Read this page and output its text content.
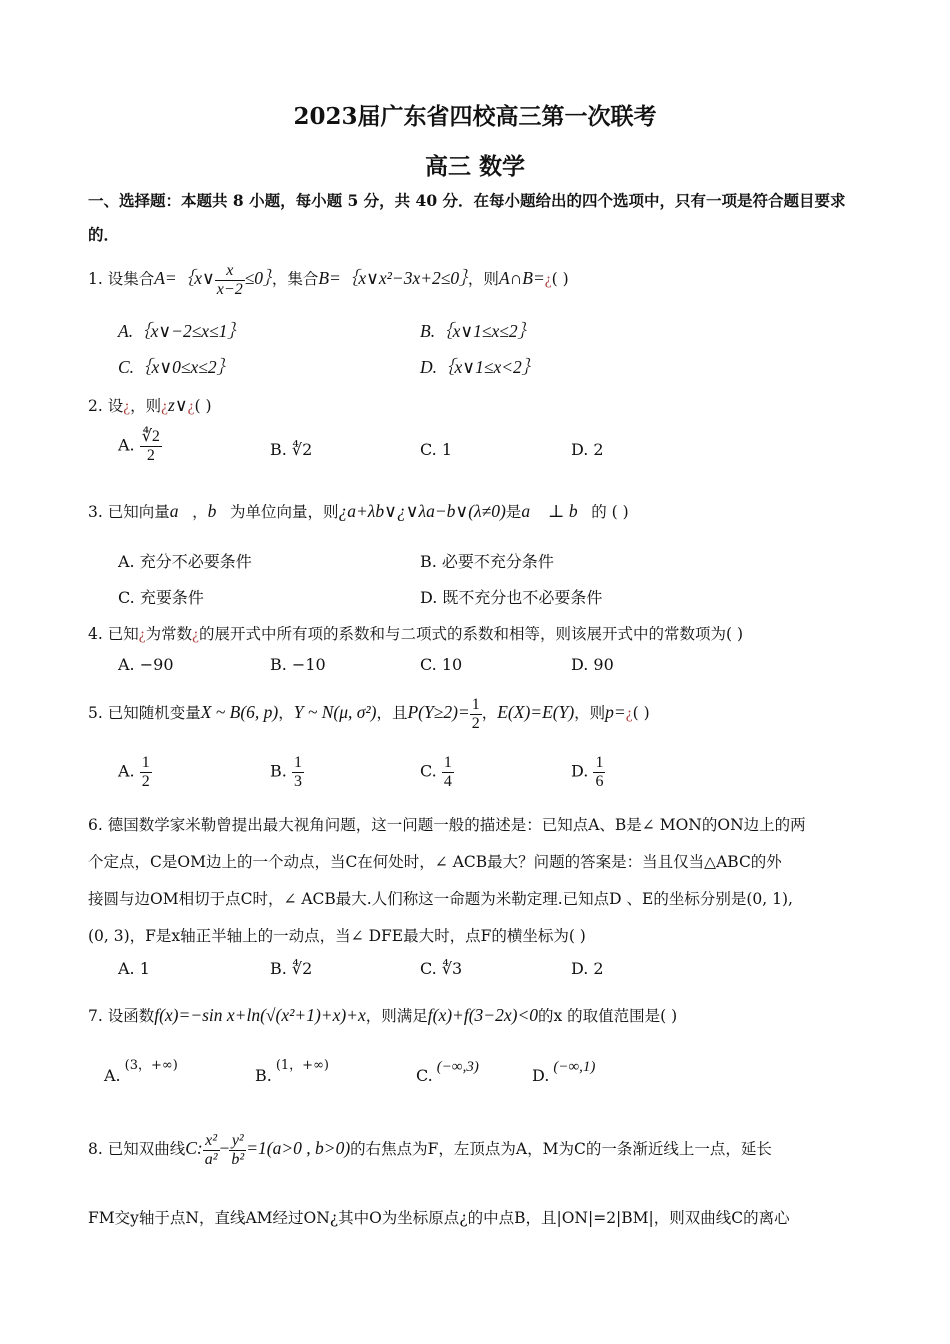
2023届广东省四校高三第一次联考
高三 数学
一、选择题：本题共 8 小题，每小题 5 分，共 40 分．在每小题给出的四个选项中，只有一项是符合题目要求的．
1. 设集合A=｛x∨ $\frac{x}{x-2}$ ≤0｝，集合B=｛x∨x²−3x+2≤0｝，则A∩B=¿( )
A.｛x∨−2≤x≤1｝	B.｛x∨1≤x≤2｝
C.｛x∨0≤x≤2｝	D.｛x∨1≤x<2｝
2. 设¿，则¿z∨¿( )
A. $\frac{∜2}{2}$	B. ∜2	C. 1	D. 2
3. 已知向量a⃗，b⃗为单位向量，则¿a+λb∨¿∨λa−b∨(λ≠0)是a⃗ ⊥ b⃗的 ( )
A. 充分不必要条件	B. 必要不充分条件
C. 充要条件	D. 既不充分也不必要条件
4. 已知¿为常数¿的展开式中所有项的系数和与二项式的系数和相等，则该展开式中的常数项为( )
A. −90	B. −10	C. 10	D. 90
5. 已知随机变量X ~ B(6, p)，Y ~ N(μ, σ²)，且$P(Y\ge 2)= \frac{1}{2}$ ，E(X)=E(Y)，则p=¿( )
A. $\frac{1}{2}$	B. $\frac{1}{3}$	C. $\frac{1}{4}$	D. $\frac{1}{6}$
6. 德国数学家米勒曾提出最大视角问题，这一问题一般的描述是：已知点A、B是∠ MON的ON边上的两
个定点，C是OM边上的一个动点，当C在何处时，∠ ACB最大？问题的答案是：当且仅当△ABC的外
接圆与边OM相切于点C时，∠ ACB最大.人们称这一命题为米勒定理.已知点D 、E的坐标分别是(0, 1),
(0, 3)，F是x轴正半轴上的一动点，当∠ DFE最大时，点F的横坐标为( )
A. 1	B. ∜2	C. ∜3	D. 2
7. 设函数f(x)=−sin x+ln(√(x²+1)+x)+x，则满足f(x)+f(3−2x)<0的x 的取值范围是( )
A.$^{(3,+\infty)}$
B.$^{(1,+\infty)}$
C. (−∞,3)	D. (−∞,1)
8. 已知双曲线C: $\frac{\text{x²}}{\text{a²}} - \frac{\text{y²}}{\text{b²}} =1(a>0$ , b>0)的右焦点为F，左顶点为A，M为C的一条渐近线上一点，延长
FM交y轴于点N，直线AM经过ON¿其中O为坐标原点¿的中点B，且|ON|=2|BM|，则双曲线C的离心
